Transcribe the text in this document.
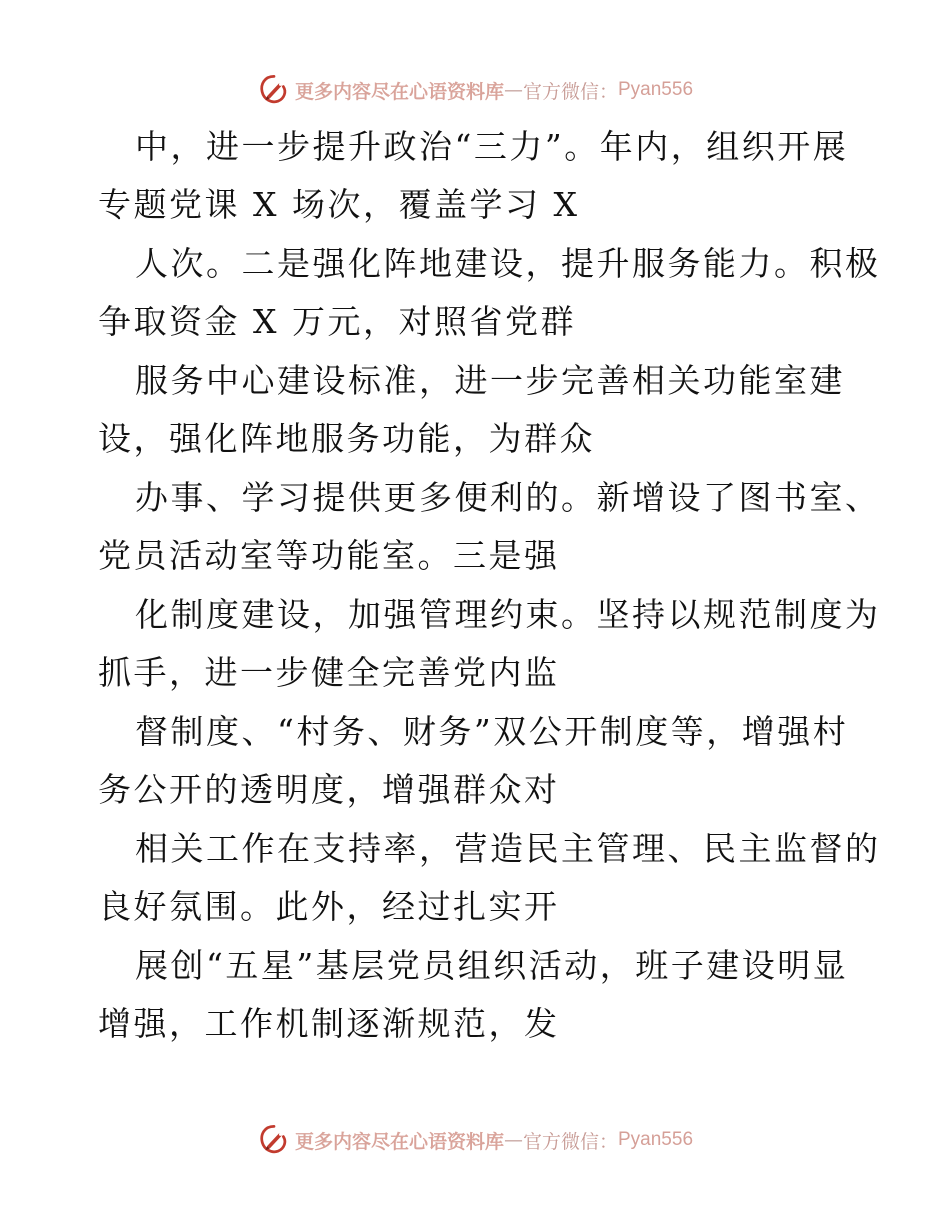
更多内容尽在心语资料库 — 官方微信： Pyan556
中，进一步提升政治“三力”。年内，组织开展
专题党课 X 场次，覆盖学习 X
人次。二是强化阵地建设，提升服务能力。积极
争取资金 X 万元，对照省党群
服务中心建设标准，进一步完善相关功能室建
设，强化阵地服务功能，为群众
办事、学习提供更多便利的。新增设了图书室、
党员活动室等功能室。三是强
化制度建设，加强管理约束。坚持以规范制度为
抓手，进一步健全完善党内监
督制度、“村务、财务”双公开制度等，增强村
务公开的透明度，增强群众对
相关工作在支持率，营造民主管理、民主监督的
良好氛围。此外，经过扎实开
展创“五星”基层党员组织活动，班子建设明显
增强，工作机制逐渐规范，发
更多内容尽在心语资料库 — 官方微信： Pyan556
